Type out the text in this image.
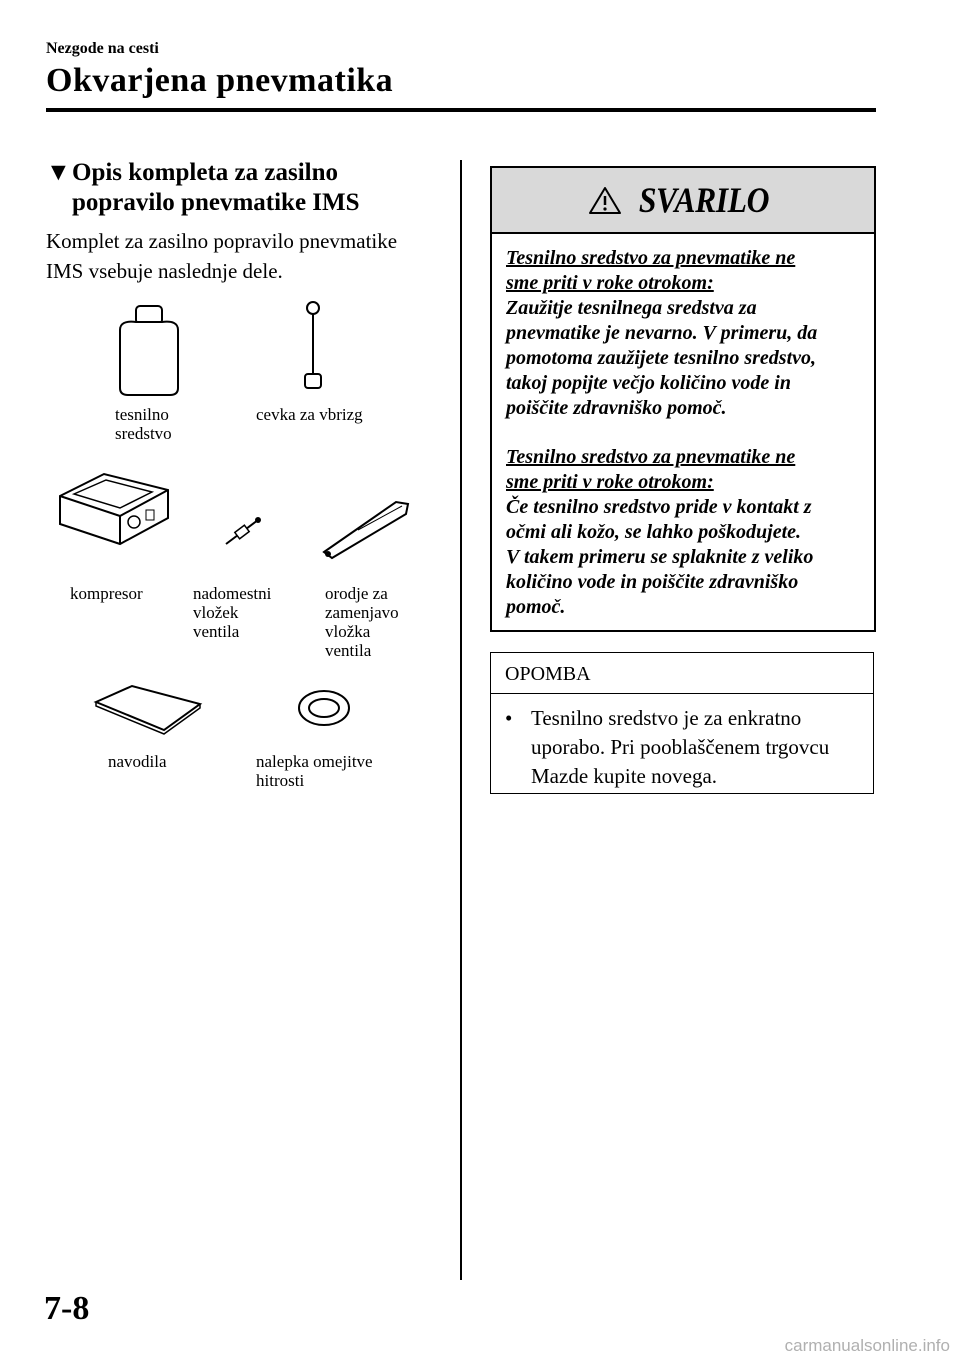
Nezgode na cesti
Okvarjena pnevmatika
▼Opis kompleta za zasilno
popravilo pnevmatike IMS
Komplet za zasilno popravilo pnevmatike
IMS vsebuje naslednje dele.
tesnilno
sredstvo
cevka za vbrizg
kompresor	nadomestni
vložek
ventila
orodje za
zamenjavo
vložka
ventila
navodila	nalepka omejitve
hitrosti
SVARILO

Tesnilno sredstvo za pnevmatike ne

sme priti v roke otrokom:

Zaužitje tesnilnega sredstva za

pnevmatike je nevarno. V primeru, da

pomotoma zaužijete tesnilno sredstvo,

takoj popijte večjo količino vode in

poiščite zdravniško pomoč.

Tesnilno sredstvo za pnevmatike ne

sme priti v roke otrokom:

Če tesnilno sredstvo pride v kontakt z

očmi ali kožo, se lahko poškodujete.

V takem primeru se splaknite z veliko

količino vode in poiščite zdravniško

pomoč.

OPOMBA
• Tesnilno sredstvo je za enkratno
uporabo. Pri pooblaščenem trgovcu
Mazde kupite novega.
7-8
carmanualsonline.info
